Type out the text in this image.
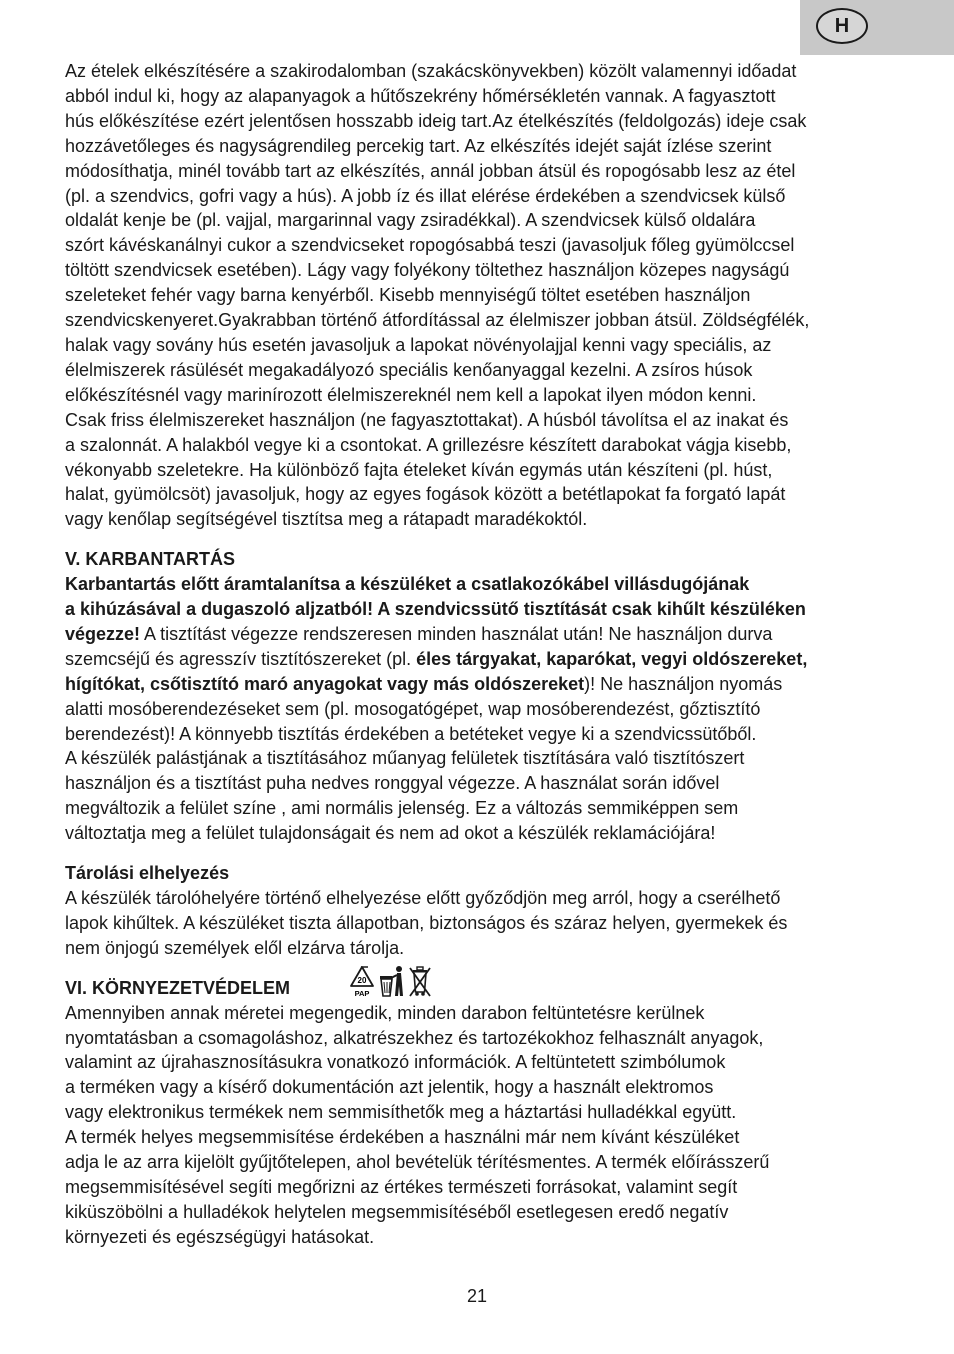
H

Az ételek elkészítésére a szakirodalomban (szakácskönyvekben) közölt valamennyi időadat
abból indul ki, hogy az alapanyagok a hűtőszekrény hőmérsékletén vannak. A fagyasztott
hús előkészítése ezért jelentősen hosszabb ideig tart.Az ételkészítés (feldolgozás) ideje csak
hozzávetőleges és nagyságrendileg percekig tart. Az elkészítés idejét saját ízlése szerint
módosíthatja, minél tovább tart az elkészítés, annál jobban átsül és ropogósabb lesz az étel
(pl. a szendvics, gofri vagy a hús). A jobb íz és illat elérése érdekében a szendvicsek külső
oldalát kenje be (pl. vajjal, margarinnal vagy zsiradékkal). A szendvicsek külső oldalára
szórt kávéskanálnyi cukor a szendvicseket ropogósabbá teszi (javasoljuk főleg gyümölccsel
töltött szendvicsek esetében). Lágy vagy folyékony töltethez használjon közepes nagyságú
szeleteket fehér vagy barna kenyérből. Kisebb mennyiségű töltet esetében használjon
szendvicskenyeret.Gyakrabban történő átfordítással az élelmiszer jobban átsül. Zöldségfélék,
halak vagy sovány hús esetén javasoljuk a lapokat növényolajjal kenni vagy speciális, az
élelmiszerek rásülését megakadályozó speciális kenőanyaggal kezelni. A zsíros húsok
előkészítésnél vagy marinírozott élelmiszereknél nem kell a lapokat ilyen módon kenni.
Csak friss élelmiszereket használjon (ne fagyasztottakat). A húsból távolítsa el az inakat és
a szalonnát. A halakból vegye ki a csontokat. A grillezésre készített darabokat vágja kisebb,
vékonyabb szeletekre. Ha különböző fajta ételeket kíván egymás után készíteni (pl. húst,
halat, gyümölcsöt) javasoljuk, hogy az egyes fogások között a betétlapokat fa forgató lapát
vagy kenőlap segítségével tisztítsa meg a rátapadt maradékoktól.

V. KARBANTARTÁS

Karbantartás előtt áramtalanítsa a készüléket a csatlakozókábel villásdugójának
a kihúzásával a dugaszoló aljzatból! A szendvicssütő tisztítását csak kihűlt készüléken
végezze! A tisztítást végezze rendszeresen minden használat után! Ne használjon durva
szemcséjű és agresszív tisztítószereket (pl. éles tárgyakat, kaparókat, vegyi oldószereket,
hígítókat, csőtisztító maró anyagokat vagy más oldószereket)! Ne használjon nyomás
alatti mosóberendezéseket sem (pl. mosogatógépet, wap mosóberendezést, gőztisztító
berendezést)! A könnyebb tisztítás érdekében a betéteket vegye ki a szendvicssütőből.
A készülék palástjának a tisztításához műanyag felületek tisztítására való tisztítószert
használjon és a tisztítást puha nedves ronggyal végezze. A használat során idővel
megváltozik a felület színe , ami normális jelenség. Ez a változás semmiképpen sem
változtatja meg a felület tulajdonságait és nem ad okot a készülék reklamációjára!

Tárolási elhelyezés

A készülék tárolóhelyére történő elhelyezése előtt győződjön meg arról, hogy a cserélhető
lapok kihűltek. A készüléket tiszta állapotban, biztonságos és száraz helyen, gyermekek és
nem önjogú személyek elől elzárva tárolja.

VI. KÖRNYEZETVÉDELEM	20
PAP

Amennyiben annak méretei megengedik, minden darabon feltüntetésre kerülnek
nyomtatásban a csomagoláshoz, alkatrészekhez és tartozékokhoz felhasznált anyagok,
valamint az újrahasznosításukra vonatkozó információk. A feltüntetett szimbólumok
a terméken vagy a kísérő dokumentáción azt jelentik, hogy a használt elektromos
vagy elektronikus termékek nem semmisíthetők meg a háztartási hulladékkal együtt.
A termék helyes megsemmisítése érdekében a használni már nem kívánt készüléket
adja le az arra kijelölt gyűjtőtelepen, ahol bevételük térítésmentes. A termék előírásszerű
megsemmisítésével segíti megőrizni az értékes természeti forrásokat, valamint segít
kiküszöbölni a hulladékok helytelen megsemmisítéséből esetlegesen eredő negatív
környezeti és egészségügyi hatásokat.

21
